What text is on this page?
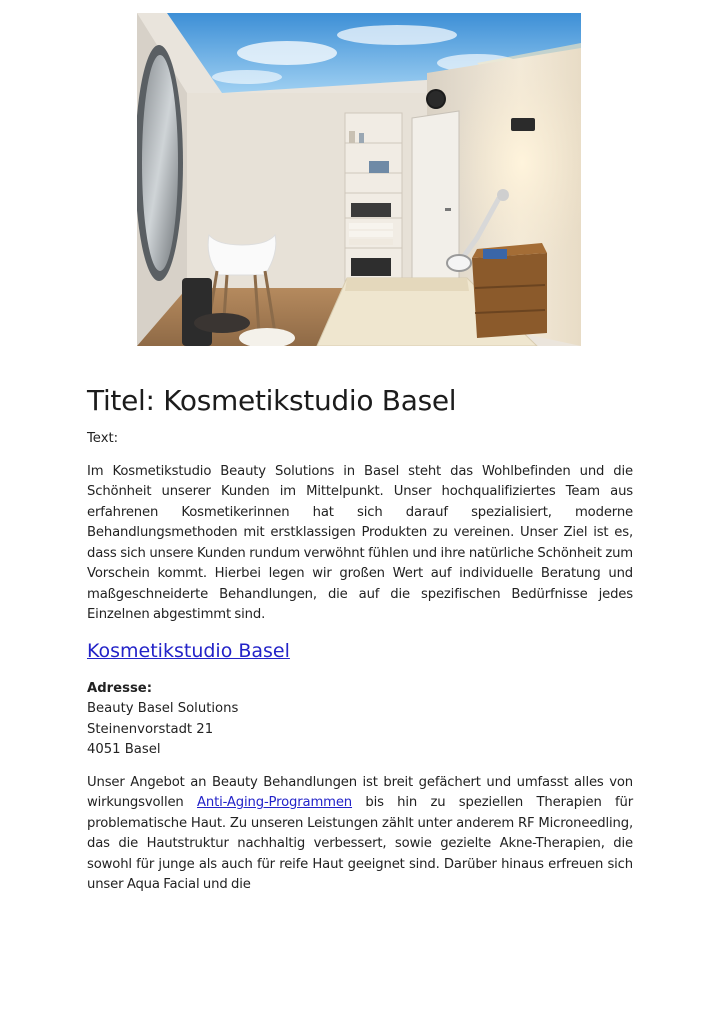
Titel: Kosmetikstudio Basel

Text:

Im Kosmetikstudio Beauty Solutions in Basel steht das Wohlbefinden und die Schönheit unserer Kunden im Mittelpunkt. Unser hochqualifiziertes Team aus erfahrenen Kosmetikerinnen hat sich darauf spezialisiert, moderne Behandlungsmethoden mit erstklassigen Produkten zu vereinen. Unser Ziel ist es, dass sich unsere Kunden rundum verwöhnt fühlen und ihre natürliche Schönheit zum Vorschein kommt. Hierbei legen wir großen Wert auf individuelle Beratung und maßgeschneiderte Behandlungen, die auf die spezifischen Bedürfnisse jedes Einzelnen abgestimmt sind.

Kosmetikstudio Basel
Adresse:
Beauty Basel Solutions
Steinenvorstadt 21
4051 Basel

Unser Angebot an Beauty Behandlungen ist breit gefächert und umfasst alles von wirkungsvollen Anti-Aging-Programmen bis hin zu speziellen Therapien für problematische Haut. Zu unseren Leistungen zählt unter anderem RF Microneedling, das die Hautstruktur nachhaltig verbessert, sowie gezielte Akne-Therapien, die sowohl für junge als auch für reife Haut geeignet sind. Darüber hinaus erfreuen sich unser Aqua Facial und die
